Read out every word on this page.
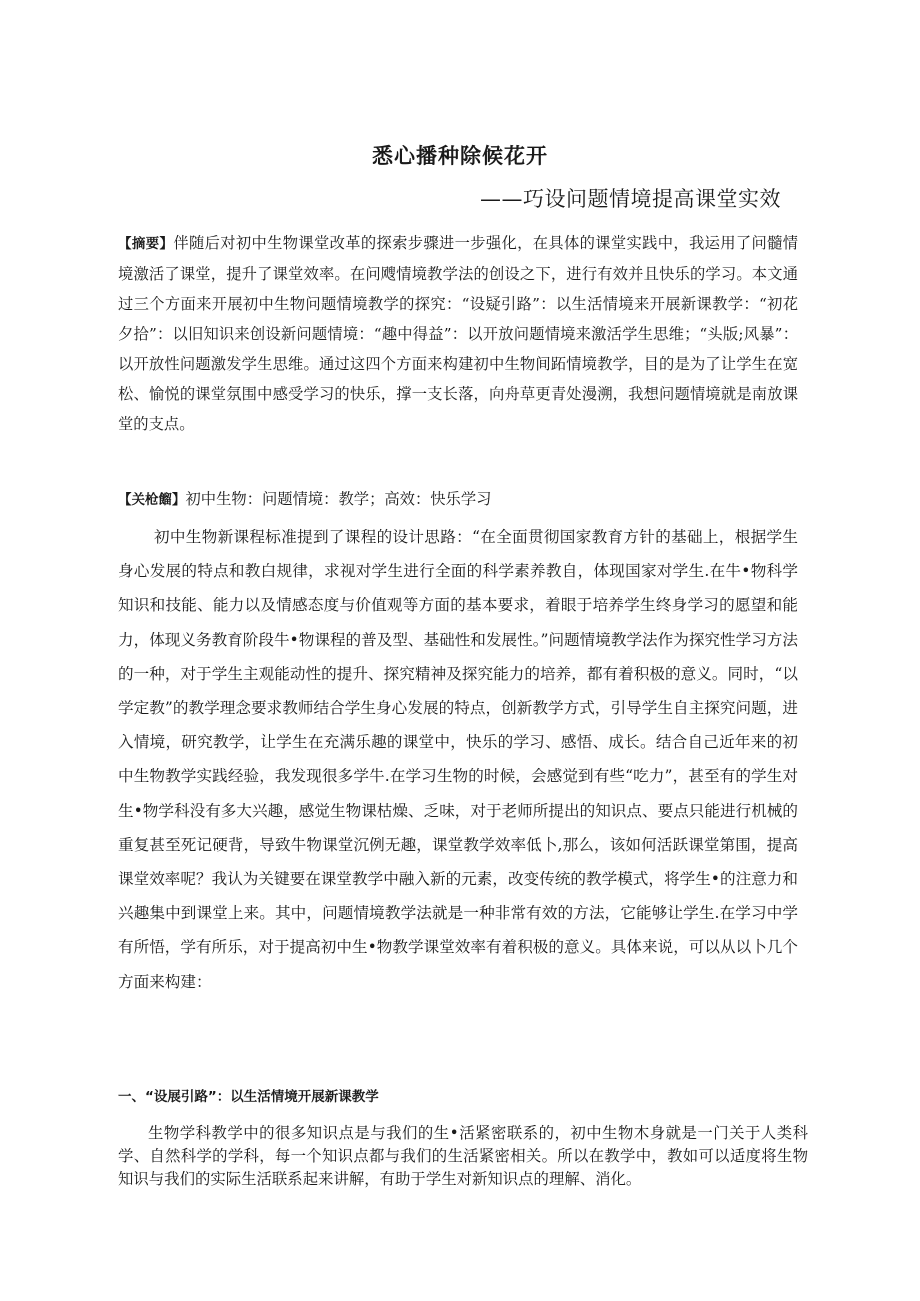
悉心播种除候花开
——巧设问题情境提高课堂实效
【摘要】伴随后对初中生物课堂改革的探索步骤进一步强化，在具体的课堂实践中，我运用了问髓情境激活了课堂，提升了课堂效率。在问飕情境教学法的创设之下，进行有效并且快乐的学习。本文通过三个方面来开展初中生物问题情境教学的探究：“设疑引路”：以生活情境来开展新课教学：“初花夕拾”：以旧知识来创设新问题情境：“趣中得益”：以开放问题情境来激活学生思维；“头版;风暴”：以开放性问题激发学生思维。通过这四个方面来构建初中生物间跖情境教学，目的是为了让学生在宽松、愉悦的课堂氛围中感受学习的快乐，撑一支长落，向舟草更青处漫溯，我想问题情境就是南放课堂的支点。
【关枪餾】初中生物：问题情境：教学；高效：快乐学习
初中生物新课程标准提到了课程的设计思路：“在全面贯彻国家教育方针的基础上，根据学生身心发展的特点和教白规律，求视对学生进行全面的科学素养教自，体现国家对学生.在牛•物科学知识和技能、能力以及情感态度与价值观等方面的基本要求，着眼于培养学生终身学习的愿望和能力，体现义务教育阶段牛•物课程的普及型、基础性和发展性。”问题情境教学法作为探究性学习方法的一种，对于学生主观能动性的提升、探究精神及探究能力的培养，都有着积极的意义。同时，“以学定教”的教学理念要求教师结合学生身心发展的特点，创新教学方式，引导学生自主探究问题，进入情境，研究教学，让学生在充满乐趣的课堂中，快乐的学习、感悟、成长。结合自己近年来的初中生物教学实践经验，我发现很多学牛.在学习生物的时候，会感觉到有些“吃力”，甚至有的学生对生•物学科没有多大兴趣，感觉生物课枯燥、乏味，对于老师所提出的知识点、要点只能进行机械的重复甚至死记硬背，导致牛物课堂沉例无趣，课堂教学效率低卜,那么，该如何活跃课堂第围，提高课堂效率呢？我认为关键要在课堂教学中融入新的元素，改变传统的教学模式，将学生•的注意力和兴趣集中到课堂上来。其中，问题情境教学法就是一种非常有效的方法，它能够让学生.在学习中学有所悟，学有所乐，对于提高初中生•物教学课堂效率有着积极的意义。具体来说，可以从以卜几个方面来构建：
一、“设展引路”：以生活情境开展新课教学
生物学科教学中的很多知识点是与我们的生•活紧密联系的，初中生物木身就是一门关于人类科学、自然科学的学科，每一个知识点都与我们的生活紧密相关。所以在教学中，教如可以适度将生物知识与我们的实际生活联系起来讲解，有助于学生对新知识点的理解、消化。
